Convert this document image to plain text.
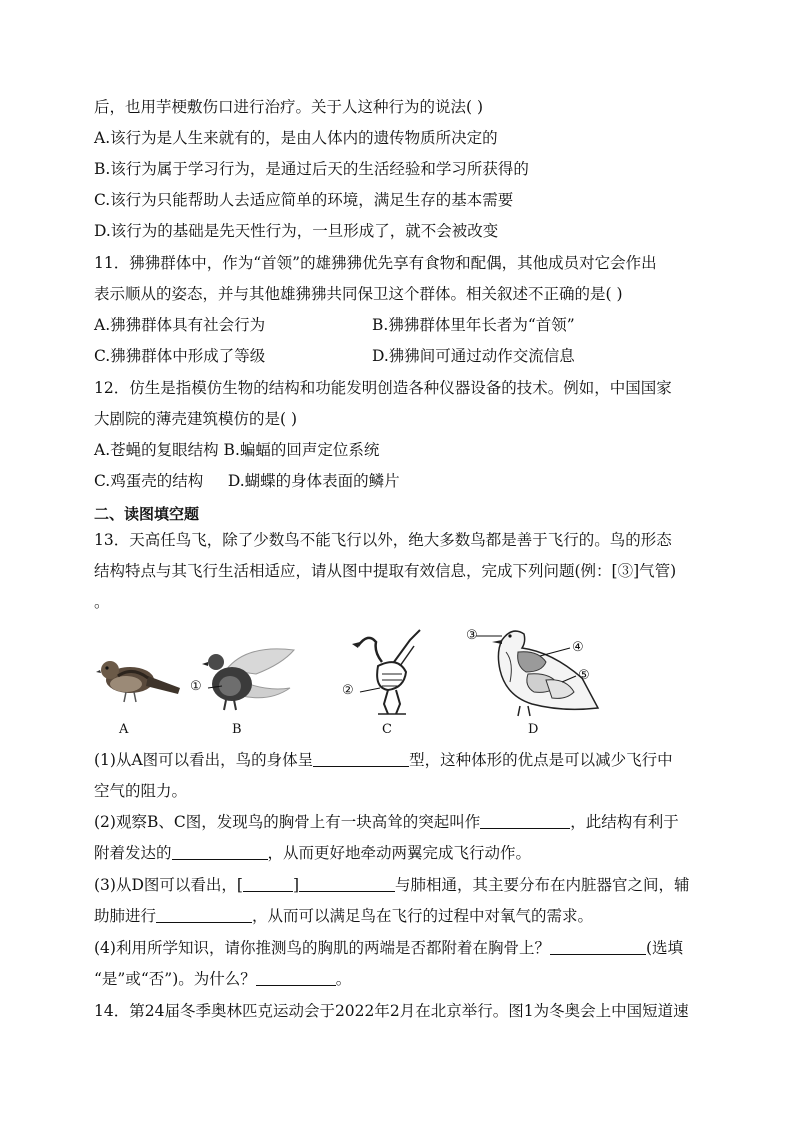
后，也用芋梗敷伤口进行治疗。关于人这种行为的说法( )
A.该行为是人生来就有的，是由人体内的遗传物质所决定的
B.该行为属于学习行为，是通过后天的生活经验和学习所获得的
C.该行为只能帮助人去适应简单的环境，满足生存的基本需要
D.该行为的基础是先天性行为，一旦形成了，就不会被改变
11．狒狒群体中，作为“首领”的雄狒狒优先享有食物和配偶，其他成员对它会作出
表示顺从的姿态，并与其他雄狒狒共同保卫这个群体。相关叙述不正确的是( )
A.狒狒群体具有社会行为	B.狒狒群体里年长者为“首领”
C.狒狒群体中形成了等级	D.狒狒间可通过动作交流信息
12．仿生是指模仿生物的结构和功能发明创造各种仪器设备的技术。例如，中国国家
大剧院的薄壳建筑模仿的是( )
A.苍蝇的复眼结构 B.蝙蝠的回声定位系统
C.鸡蛋壳的结构     D.蝴蝶的身体表面的鳞片
二、读图填空题
13．天高任鸟飞，除了少数鸟不能飞行以外，绝大多数鸟都是善于飞行的。鸟的形态
结构特点与其飞行生活相适应，请从图中提取有效信息，完成下列问题(例：[③]气管)
。
①	②
③
④
⑤
A	B	C	D
(1)从A图可以看出，鸟的身体呈	型，这种体形的优点是可以减少飞行中
空气的阻力。
(2)观察B、C图，发现鸟的胸骨上有一块高耸的突起叫作	，此结构有利于
附着发达的	，从而更好地牵动两翼完成飞行动作。
(3)从D图可以看出，[	]	与肺相通，其主要分布在内脏器官之间，辅
助肺进行	，从而可以满足鸟在飞行的过程中对氧气的需求。
(4)利用所学知识，请你推测鸟的胸肌的两端是否都附着在胸骨上？	(选填
“是”或“否”)。为什么？	。
14．第24届冬季奥林匹克运动会于2022年2月在北京举行。图1为冬奥会上中国短道速
